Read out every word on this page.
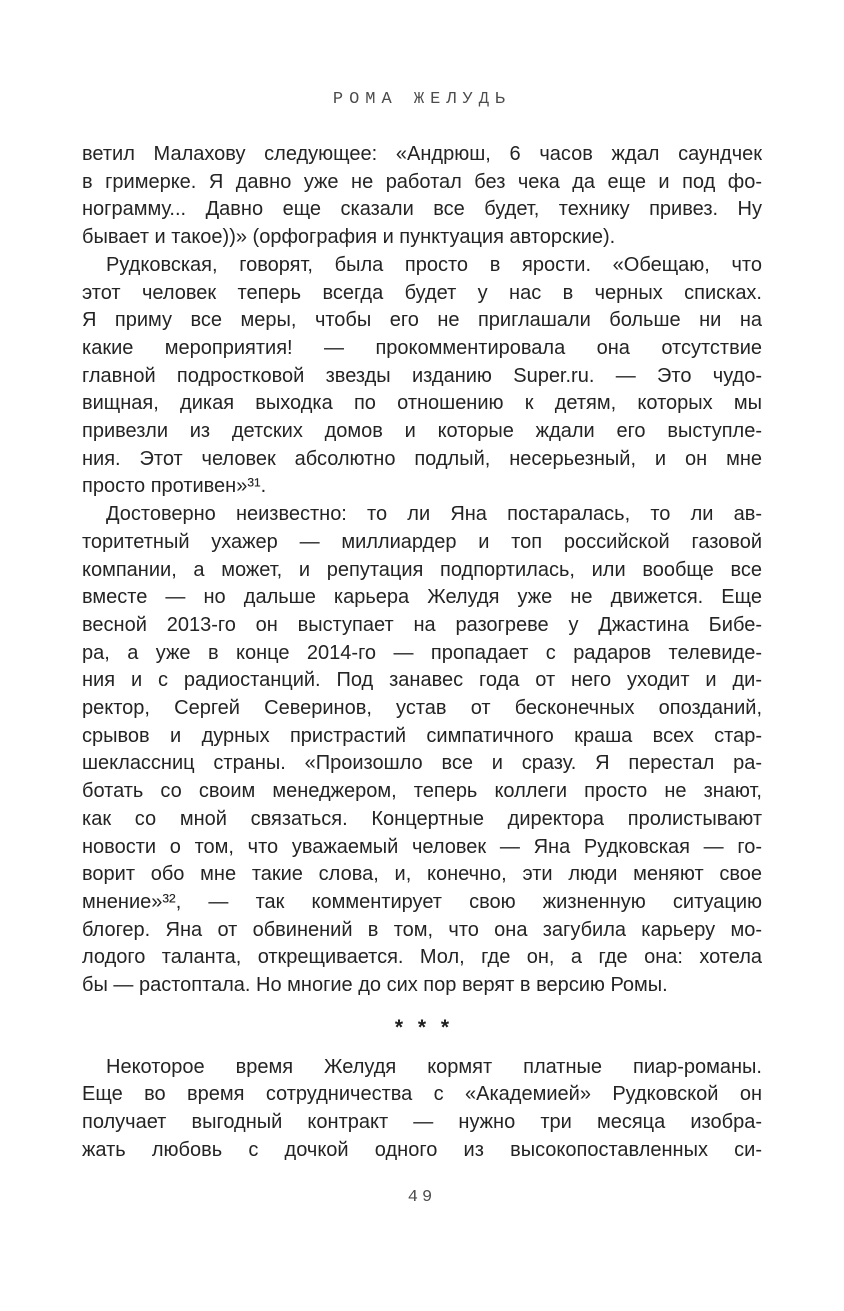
РОМА ЖЕЛУДЬ
ветил Малахову следующее: «Андрюш, 6 часов ждал саундчек
в гримерке. Я давно уже не работал без чека да еще и под фо-
нограмму... Давно еще сказали все будет, технику привез. Ну
бывает и такое))» (орфография и пунктуация авторские).
Рудковская, говорят, была просто в ярости. «Обещаю, что
этот человек теперь всегда будет у нас в черных списках.
Я приму все меры, чтобы его не приглашали больше ни на
какие мероприятия! — прокомментировала она отсутствие
главной подростковой звезды изданию Super.ru. — Это чудо-
вищная, дикая выходка по отношению к детям, которых мы
привезли из детских домов и которые ждали его выступле-
ния. Этот человек абсолютно подлый, несерьезный, и он мне
просто противен»³¹.
Достоверно неизвестно: то ли Яна постаралась, то ли ав-
торитетный ухажер — миллиардер и топ российской газовой
компании, а может, и репутация подпортилась, или вообще все
вместе — но дальше карьера Желудя уже не движется. Еще
весной 2013-го он выступает на разогреве у Джастина Бибе-
ра, а уже в конце 2014-го — пропадает с радаров телевиде-
ния и с радиостанций. Под занавес года от него уходит и ди-
ректор, Сергей Северинов, устав от бесконечных опозданий,
срывов и дурных пристрастий симпатичного краша всех стар-
шеклассниц страны. «Произошло все и сразу. Я перестал ра-
ботать со своим менеджером, теперь коллеги просто не знают,
как со мной связаться. Концертные директора пролистывают
новости о том, что уважаемый человек — Яна Рудковская — го-
ворит обо мне такие слова, и, конечно, эти люди меняют свое
мнение»³², — так комментирует свою жизненную ситуацию
блогер. Яна от обвинений в том, что она загубила карьеру мо-
лодого таланта, открещивается. Мол, где он, а где она: хотела
бы — растоптала. Но многие до сих пор верят в версию Ромы.
* * *
Некоторое время Желудя кормят платные пиар-романы.
Еще во время сотрудничества с «Академией» Рудковской он
получает выгодный контракт — нужно три месяца изобра-
жать любовь с дочкой одного из высокопоставленных си-
49
